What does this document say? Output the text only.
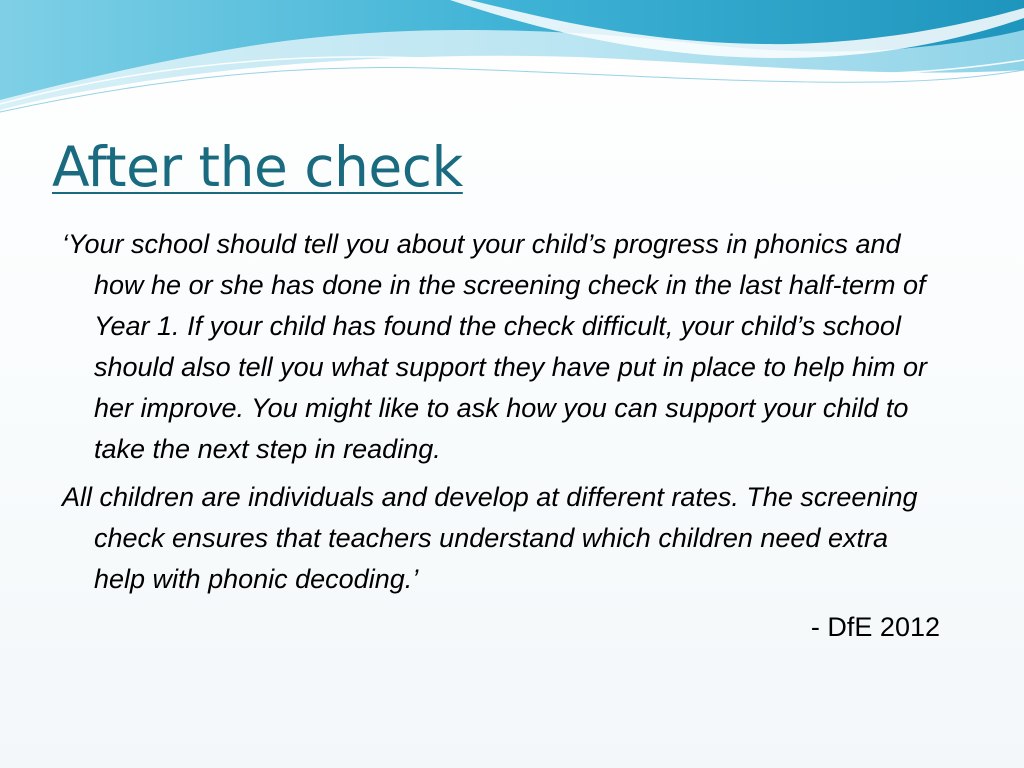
After the check

‘Your school should tell you about your child’s progress in phonics and how he or she has done in the screening check in the last half-term of Year 1. If your child has found the check difficult, your child’s school should also tell you what support they have put in place to help him or her improve. You might like to ask how you can support your child to take the next step in reading.

All children are individuals and develop at different rates. The screening check ensures that teachers understand which children need extra help with phonic decoding.’

- DfE 2012
